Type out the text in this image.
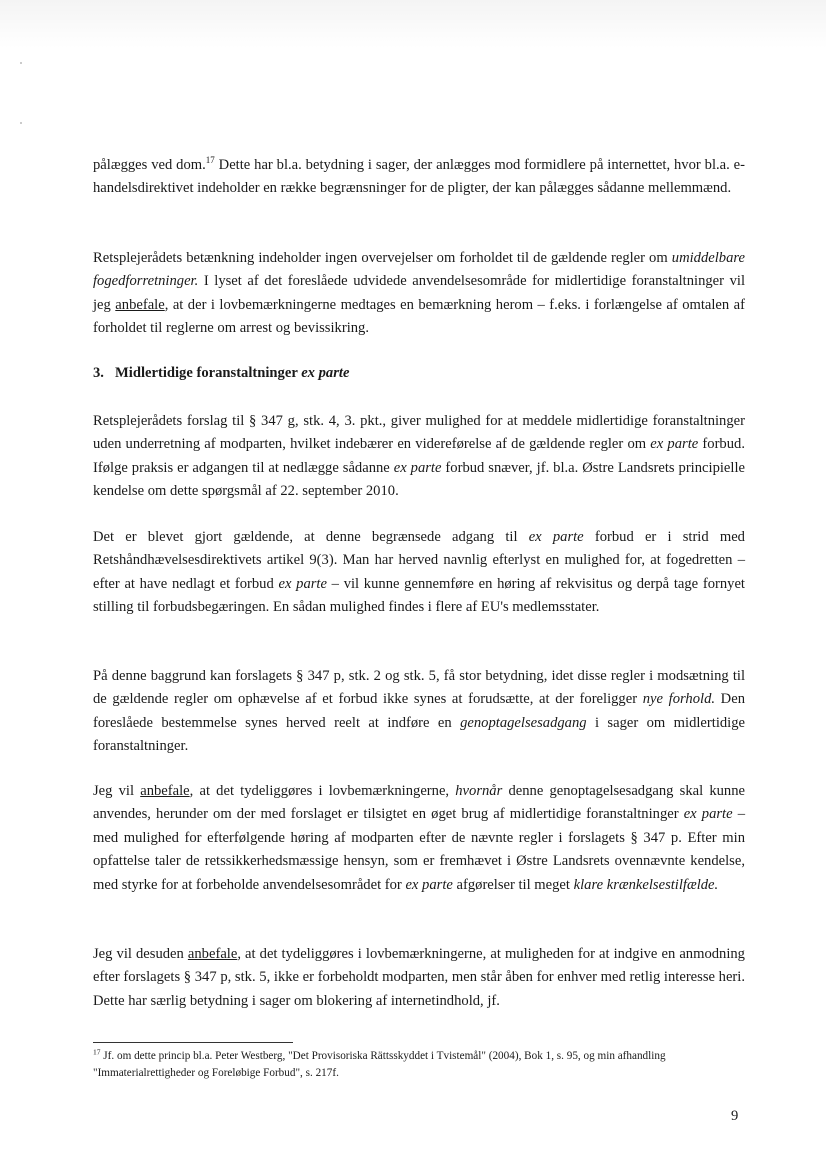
pålægges ved dom.$^{17}$ Dette har bl.a. betydning i sager, der anlægges mod formidlere på internettet, hvor bl.a. e-handelsdirektivet indeholder en række begrænsninger for de pligter, der kan pålægges sådanne mellemmænd.

Retsplejerådets betænkning indeholder ingen overvejelser om forholdet til de gældende regler om umiddelbare fogedforretninger. I lyset af det foreslåede udvidede anvendelsesområde for midlertidige foranstaltninger vil jeg anbefale, at der i lovbemærkningerne medtages en bemærkning herom – f.eks. i forlængelse af omtalen af forholdet til reglerne om arrest og bevissikring.

3. Midlertidige foranstaltninger ex parte

Retsplejerådets forslag til § 347 g, stk. 4, 3. pkt., giver mulighed for at meddele midlertidige foranstaltninger uden underretning af modparten, hvilket indebærer en videreførelse af de gældende regler om ex parte forbud. Ifølge praksis er adgangen til at nedlægge sådanne ex parte forbud snæver, jf. bl.a. Østre Landsrets principielle kendelse om dette spørgsmål af 22. september 2010.

Det er blevet gjort gældende, at denne begrænsede adgang til ex parte forbud er i strid med Retshåndhævelsesdirektivets artikel 9(3). Man har herved navnlig efterlyst en mulighed for, at fogedretten – efter at have nedlagt et forbud ex parte – vil kunne gennemføre en høring af rekvisitus og derpå tage fornyet stilling til forbudsbegæringen. En sådan mulighed findes i flere af EU's medlemsstater.

På denne baggrund kan forslagets § 347 p, stk. 2 og stk. 5, få stor betydning, idet disse regler i modsætning til de gældende regler om ophævelse af et forbud ikke synes at forudsætte, at der foreligger nye forhold. Den foreslåede bestemmelse synes herved reelt at indføre en genoptagelsesadgang i sager om midlertidige foranstaltninger.

Jeg vil anbefale, at det tydeliggøres i lovbemærkningerne, hvornår denne genoptagelsesadgang skal kunne anvendes, herunder om der med forslaget er tilsigtet en øget brug af midlertidige foranstaltninger ex parte – med mulighed for efterfølgende høring af modparten efter de nævnte regler i forslagets § 347 p. Efter min opfattelse taler de retssikkerhedsmæssige hensyn, som er fremhævet i Østre Landsrets ovennævnte kendelse, med styrke for at forbeholde anvendelsesområdet for ex parte afgørelser til meget klare krænkelsestilfælde.

Jeg vil desuden anbefale, at det tydeliggøres i lovbemærkningerne, at muligheden for at indgive en anmodning efter forslagets § 347 p, stk. 5, ikke er forbeholdt modparten, men står åben for enhver med retlig interesse heri. Dette har særlig betydning i sager om blokering af internetindhold, jf.

$^{17}$ Jf. om dette princip bl.a. Peter Westberg, "Det Provisoriska Rättsskyddet i Tvistemål" (2004), Bok 1, s. 95, og min afhandling "Immaterialrettigheder og Foreløbige Forbud", s. 217f.

9
